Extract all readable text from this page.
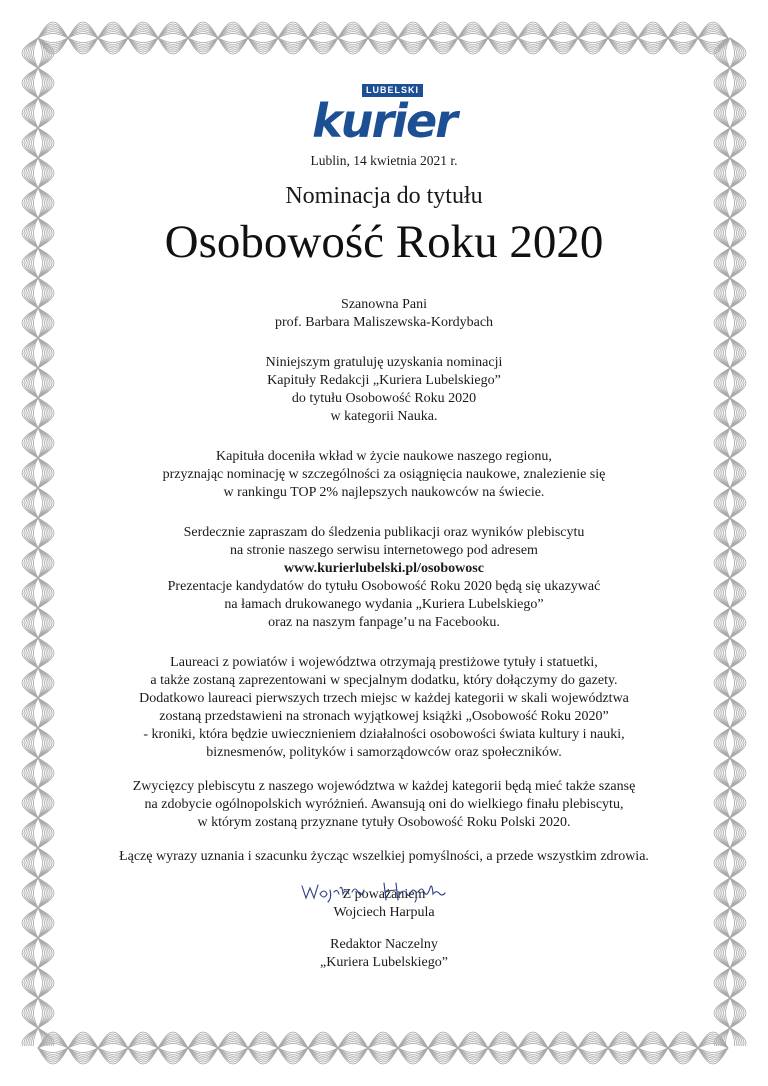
LUBELSKI
kurier
Lublin, 14 kwietnia 2021 r.
Nominacja do tytułu
Osobowość Roku 2020
Szanowna Pani
prof. Barbara Maliszewska-Kordybach
Niniejszym gratuluję uzyskania nominacji
Kapituły Redakcji „Kuriera Lubelskiego”
do tytułu Osobowość Roku 2020
w kategorii Nauka.
Kapituła doceniła wkład w życie naukowe naszego regionu,
przyznając nominację w szczególności za osiągnięcia naukowe, znalezienie się
w rankingu TOP 2% najlepszych naukowców na świecie.
Serdecznie zapraszam do śledzenia publikacji oraz wyników plebiscytu
na stronie naszego serwisu internetowego pod adresem
www.kurierlubelski.pl/osobowosc
Prezentacje kandydatów do tytułu Osobowość Roku 2020 będą się ukazywać
na łamach drukowanego wydania „Kuriera Lubelskiego”
oraz na naszym fanpage’u na Facebooku.
Laureaci z powiatów i województwa otrzymają prestiżowe tytuły i statuetki,
a także zostaną zaprezentowani w specjalnym dodatku, który dołączymy do gazety.
Dodatkowo laureaci pierwszych trzech miejsc w każdej kategorii w skali województwa
zostaną przedstawieni na stronach wyjątkowej książki „Osobowość Roku 2020”
- kroniki, która będzie uwiecznieniem działalności osobowości świata kultury i nauki,
biznesmenów, polityków i samorządowców oraz społeczników.
Zwycięzcy plebiscytu z naszego województwa w każdej kategorii będą mieć także szansę
na zdobycie ogólnopolskich wyróżnień. Awansują oni do wielkiego finału plebiscytu,
w którym zostaną przyznane tytuły Osobowość Roku Polski 2020.
Łączę wyrazy uznania i szacunku życząc wszelkiej pomyślności, a przede wszystkim zdrowia.
Z poważaniem
Wojciech Harpula
Redaktor Naczelny
„Kuriera Lubelskiego”
